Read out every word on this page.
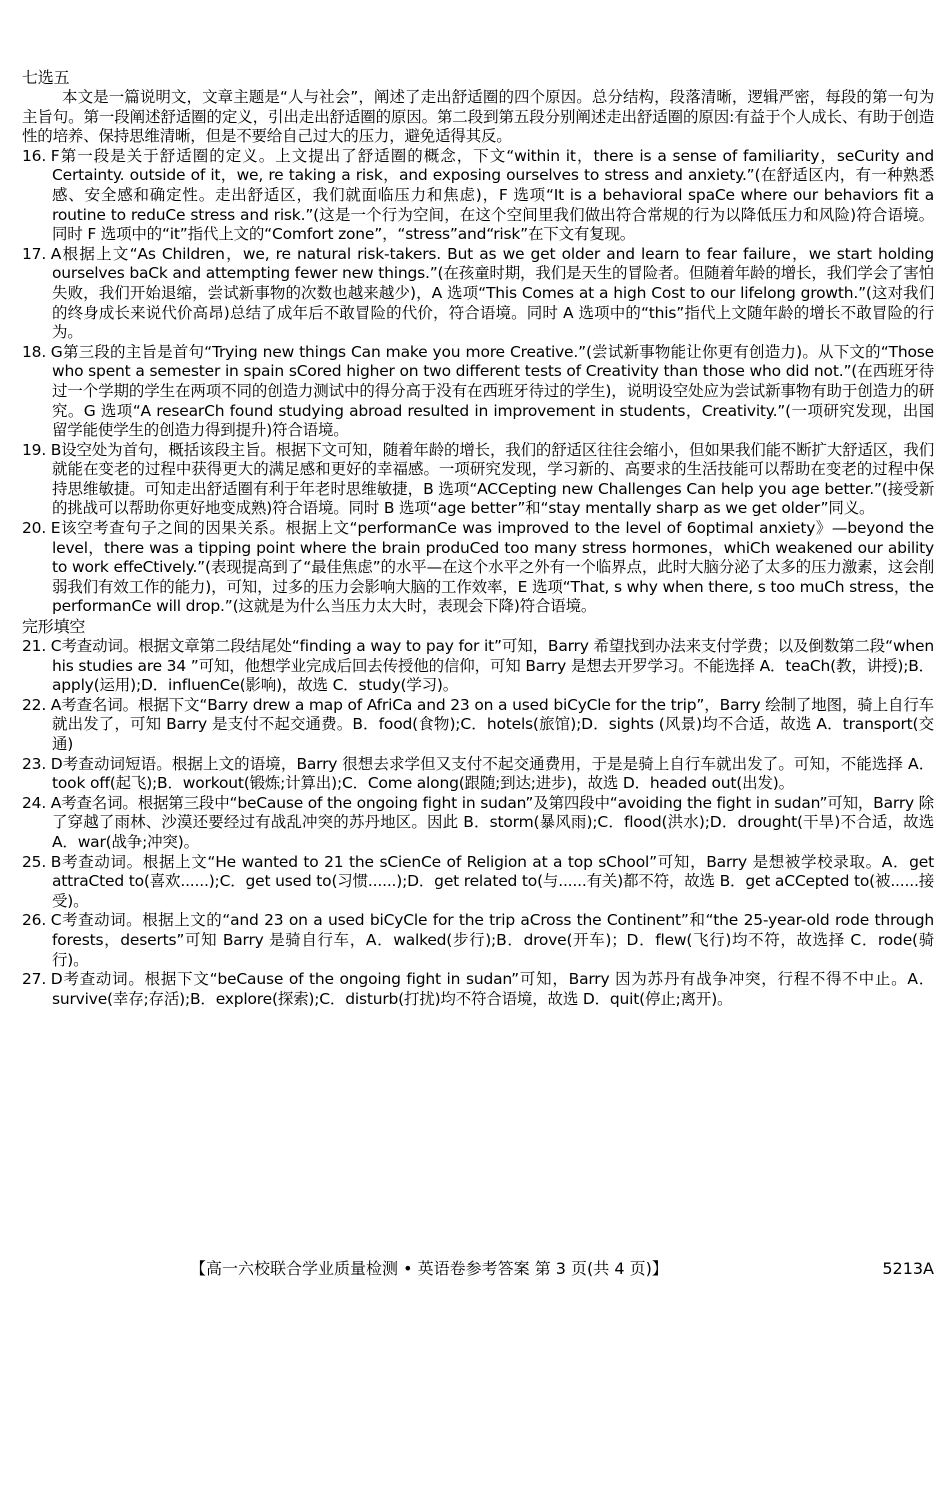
七选五

本文是一篇说明文，文章主题是“人与社会”，阐述了走出舒适圈的四个原因。总分结构，段落清晰，逻辑严密，每段的第一句为主旨句。第一段阐述舒适圈的定义，引出走出舒适圈的原因。第二段到第五段分别阐述走出舒适圈的原因:有益于个人成长、有助于创造性的培养、保持思维清晰，但是不要给自己过大的压力，避免适得其反。

16. F第一段是关于舒适圈的定义。上文提出了舒适圈的概念，下文“within it，there is a sense of familiarity，seCurity and Certainty. outside of it，we, re taking a risk，and exposing ourselves to stress and anxiety.”(在舒适区内，有一种熟悉感、安全感和确定性。走出舒适区，我们就面临压力和焦虑)，F 选项“It is a behavioral spaCe where our behaviors fit a routine to reduCe stress and risk.”(这是一个行为空间，在这个空间里我们做出符合常规的行为以降低压力和风险)符合语境。同时 F 选项中的“it”指代上文的“Comfort zone”，“stress”and“risk”在下文有复现。

17. A根据上文“As Children，we, re natural risk-takers. But as we get older and learn to fear failure，we start holding ourselves baCk and attempting fewer new things.”(在孩童时期，我们是天生的冒险者。但随着年龄的增长，我们学会了害怕失败，我们开始退缩，尝试新事物的次数也越来越少)，A 选项“This Comes at a high Cost to our lifelong growth.”(这对我们的终身成长来说代价高昂)总结了成年后不敢冒险的代价，符合语境。同时 A 选项中的“this”指代上文随年龄的增长不敢冒险的行为。

18. G第三段的主旨是首句“Trying new things Can make you more Creative.”(尝试新事物能让你更有创造力)。从下文的“Those who spent a semester in spain sCored higher on two different tests of Creativity than those who did not.”(在西班牙待过一个学期的学生在两项不同的创造力测试中的得分高于没有在西班牙待过的学生)，说明设空处应为尝试新事物有助于创造力的研究。G 选项“A researCh found studying abroad resulted in improvement in students，Creativity.”(一项研究发现，出国留学能使学生的创造力得到提升)符合语境。

19. B设空处为首句，概括该段主旨。根据下文可知，随着年龄的增长，我们的舒适区往往会缩小，但如果我们能不断扩大舒适区，我们就能在变老的过程中获得更大的满足感和更好的幸福感。一项研究发现，学习新的、高要求的生活技能可以帮助在变老的过程中保持思维敏捷。可知走出舒适圈有利于年老时思维敏捷，B 选项“ACCepting new Challenges Can help you age better.”(接受新的挑战可以帮助你更好地变成熟)符合语境。同时 B 选项“age better”和“stay mentally sharp as we get older”同义。

20. E该空考查句子之间的因果关系。根据上文“performanCe was improved to the level of 6optimal anxiety》—beyond the level，there was a tipping point where the brain produCed too many stress hormones，whiCh weakened our ability to work effeCtively.”(表现提高到了“最佳焦虑”的水平—在这个水平之外有一个临界点，此时大脑分泌了太多的压力激素，这会削弱我们有效工作的能力)，可知，过多的压力会影响大脑的工作效率，E 选项“That, s why when there, s too muCh stress，the performanCe will drop.”(这就是为什么当压力太大时，表现会下降)符合语境。

完形填空

21. C考查动词。根据文章第二段结尾处“finding a way to pay for it”可知，Barry 希望找到办法来支付学费；以及倒数第二段“when his studies are 34 ”可知，他想学业完成后回去传授他的信仰，可知 Barry 是想去开罗学习。不能选择 A．teaCh(教，讲授);B．apply(运用);D．influenCe(影响)，故选 C．study(学习)。

22. A考查名词。根据下文“Barry drew a map of AfriCa and 23 on a used biCyCle for the trip”，Barry 绘制了地图，骑上自行车就出发了，可知 Barry 是支付不起交通费。B．food(食物);C．hotels(旅馆);D．sights (风景)均不合适，故选 A．transport(交通)

23. D考查动词短语。根据上文的语境，Barry 很想去求学但又支付不起交通费用，于是是骑上自行车就出发了。可知，不能选择 A．took off(起飞);B．workout(锻炼;计算出);C．Come along(跟随;到达;进步)，故选 D．headed out(出发)。

24. A考查名词。根据第三段中“beCause of the ongoing fight in sudan”及第四段中“avoiding the fight in sudan”可知，Barry 除了穿越了雨林、沙漠还要经过有战乱冲突的苏丹地区。因此 B．storm(暴风雨);C．flood(洪水);D．drought(干旱)不合适，故选 A．war(战争;冲突)。

25. B考查动词。根据上文“He wanted to 21 the sCienCe of Religion at a top sChool”可知，Barry 是想被学校录取。A．get attraCted to(喜欢......);C．get used to(习惯......);D．get related to(与......有关)都不符，故选 B．get aCCepted to(被......接受)。

26. C考查动词。根据上文的“and 23 on a used biCyCle for the trip aCross the Continent”和“the 25-year-old rode through forests，deserts”可知 Barry 是骑自行车，A．walked(步行);B．drove(开车)；D．flew(飞行)均不符，故选择 C．rode(骑行)。

27. D考查动词。根据下文“beCause of the ongoing fight in sudan”可知，Barry 因为苏丹有战争冲突，行程不得不中止。A．survive(幸存;存活);B．explore(探索);C．disturb(打扰)均不符合语境，故选 D．quit(停止;离开)。

【高一六校联合学业质量检测 • 英语卷参考答案 第 3 页(共 4 页)】	5213A
